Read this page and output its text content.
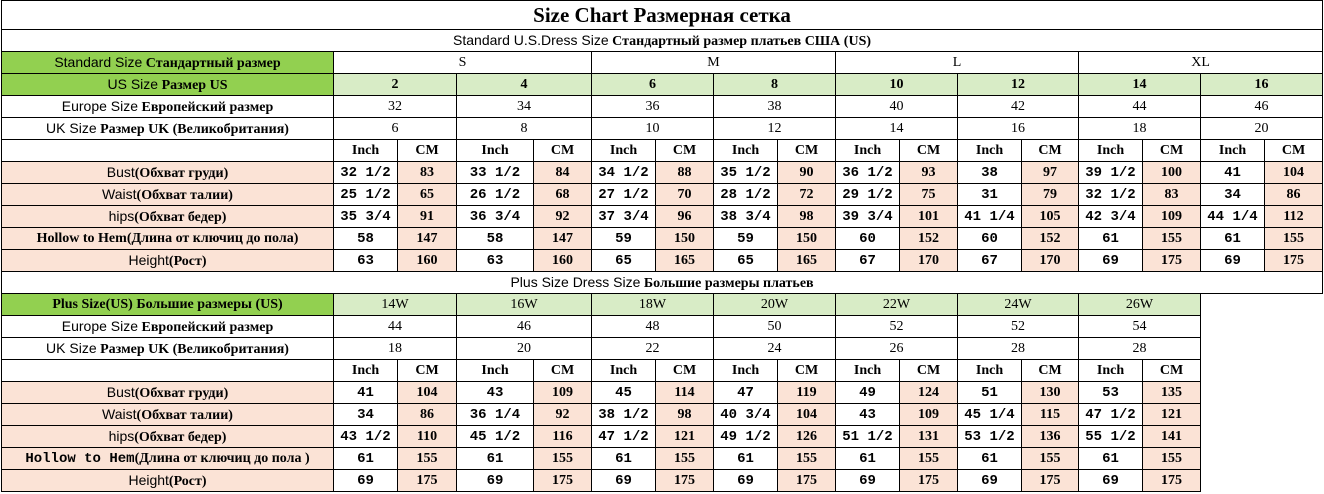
Size Chart Размерная сетка																
Standard U.S.Dress Size Стандартный размер платьев США (US)																
Standard Size Стандартный размер	S				M				L				XL			
US Size Размер US	2		4		6		8		10		12		14		16	
Europe Size Европейский размер	32		34		36		38		40		42		44		46	
UK Size Размер UK (Великобритания)	6		8		10		12		14		16		18		20	
	Inch	CM	Inch	CM	Inch	CM	Inch	CM	Inch	CM	Inch	CM	Inch	CM	Inch	CM
Bust(Обхват груди)	32 1/2	83	33 1/2	84	34 1/2	88	35 1/2	90	36 1/2	93	38	97	39 1/2	100	41	104
Waist(Обхват талии)	25 1/2	65	26 1/2	68	27 1/2	70	28 1/2	72	29 1/2	75	31	79	32 1/2	83	34	86
hips(Обхват бедер)	35 3/4	91	36 3/4	92	37 3/4	96	38 3/4	98	39 3/4	101	41 1/4	105	42 3/4	109	44 1/4	112
Hollow to Hem(Длина от ключиц до пола)	58	147	58	147	59	150	59	150	60	152	60	152	61	155	61	155
Height(Рост)	63	160	63	160	65	165	65	165	67	170	67	170	69	175	69	175
Plus Size Dress Size Большие размеры платьев																
Plus Size(US) Большие размеры (US)	14W		16W		18W		20W		22W		24W		26W			
Europe Size Европейский размер	44		46		48		50		52		52		54			
UK Size Размер UK (Великобритания)	18		20		22		24		26		28		28			
	Inch	CM	Inch	CM	Inch	CM	Inch	CM	Inch	CM	Inch	CM	Inch	CM		
Bust(Обхват груди)	41	104	43	109	45	114	47	119	49	124	51	130	53	135		
Waist(Обхват талии)	34	86	36 1/4	92	38 1/2	98	40 3/4	104	43	109	45 1/4	115	47 1/2	121		
hips(Обхват бедер)	43 1/2	110	45 1/2	116	47 1/2	121	49 1/2	126	51 1/2	131	53 1/2	136	55 1/2	141		
Hollow to Hem(Длина от ключиц до пола )	61	155	61	155	61	155	61	155	61	155	61	155	61	155		
Height(Рост)	69	175	69	175	69	175	69	175	69	175	69	175	69	175		
